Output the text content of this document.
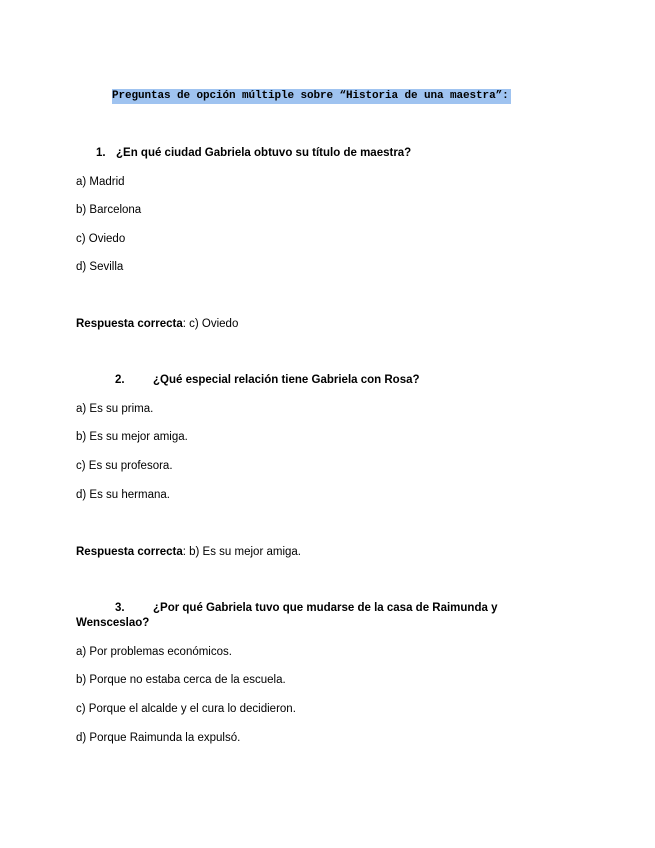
Preguntas de opción múltiple sobre “Historia de una maestra”:
1. ¿En qué ciudad Gabriela obtuvo su título de maestra?
a) Madrid
b) Barcelona
c) Oviedo
d) Sevilla
Respuesta correcta: c) Oviedo
2. ¿Qué especial relación tiene Gabriela con Rosa?
a) Es su prima.
b) Es su mejor amiga.
c) Es su profesora.
d) Es su hermana.
Respuesta correcta: b) Es su mejor amiga.
3. ¿Por qué Gabriela tuvo que mudarse de la casa de Raimunda y
Wensceslao?
a) Por problemas económicos.
b) Porque no estaba cerca de la escuela.
c) Porque el alcalde y el cura lo decidieron.
d) Porque Raimunda la expulsó.
